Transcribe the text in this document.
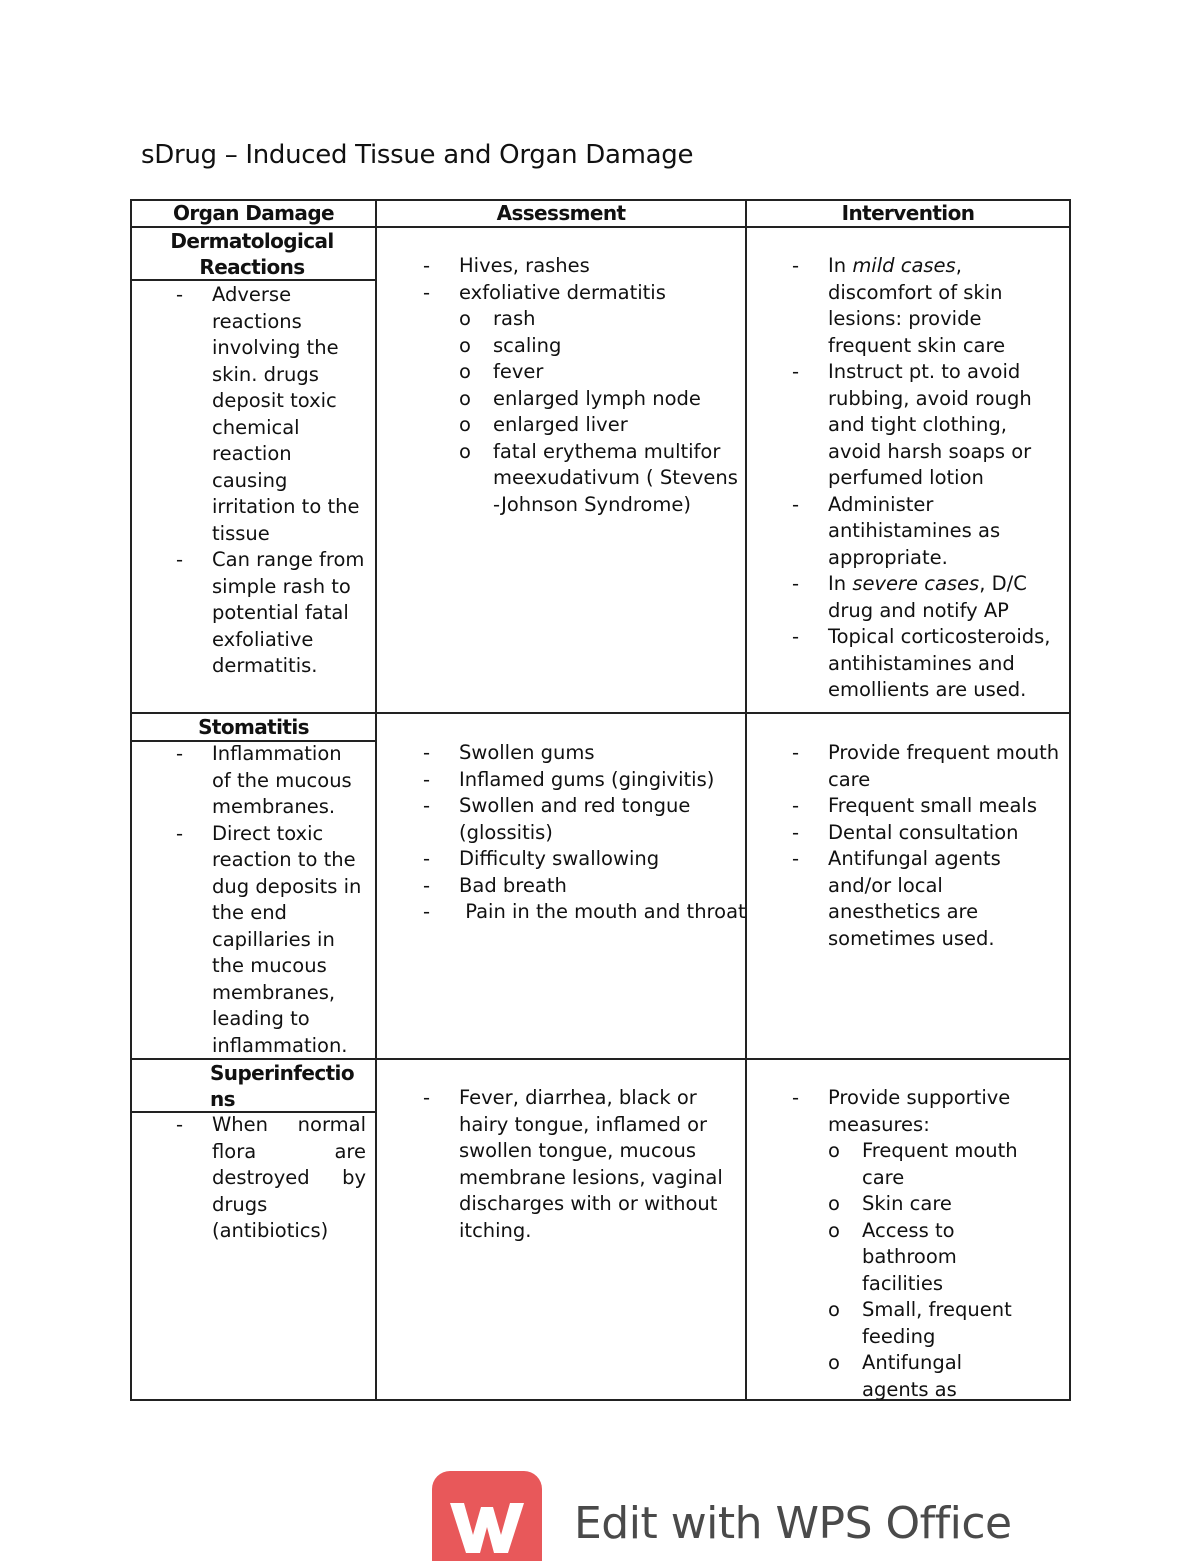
sDrug – Induced Tissue and Organ Damage
Organ Damage	Assessment	Intervention
Dermatological Reactions
- Adverse reactions involving the skin. drugs deposit toxic chemical reaction causing irritation to the tissue
- Can range from simple rash to potential fatal exfoliative dermatitis.
- Hives, rashes
- exfoliative dermatitis
o rash
o scaling
o fever
o enlarged lymph node
o enlarged liver
o fatal erythema multiformeexudativum ( Stevens-Johnson Syndrome)
- In mild cases, discomfort of skin lesions: provide frequent skin care
- Instruct pt. to avoid rubbing, avoid rough and tight clothing, avoid harsh soaps or perfumed lotion
- Administer antihistamines as appropriate.
- In severe cases, D/C drug and notify AP
- Topical corticosteroids, antihistamines and emollients are used.
Stomatitis
- Inflammation of the mucous membranes.
- Direct toxic reaction to the dug deposits in the end capillaries in the mucous membranes, leading to inflammation.
- Swollen gums
- Inflamed gums (gingivitis)
- Swollen and red tongue (glossitis)
- Difficulty swallowing
- Bad breath
-  Pain in the mouth and throat
- Provide frequent mouth care
- Frequent small meals
- Dental consultation
- Antifungal agents and/or local anesthetics are sometimes used.
Superinfections
- When normal flora are destroyed by drugs (antibiotics)
- Fever, diarrhea, black or hairy tongue, inflamed or swollen tongue, mucous membrane lesions, vaginal discharges with or without itching.
- Provide supportive measures:
o Frequent mouth care
o Skin care
o Access to bathroom facilities
o Small, frequent feeding
o Antifungal agents as
Edit with WPS Office
